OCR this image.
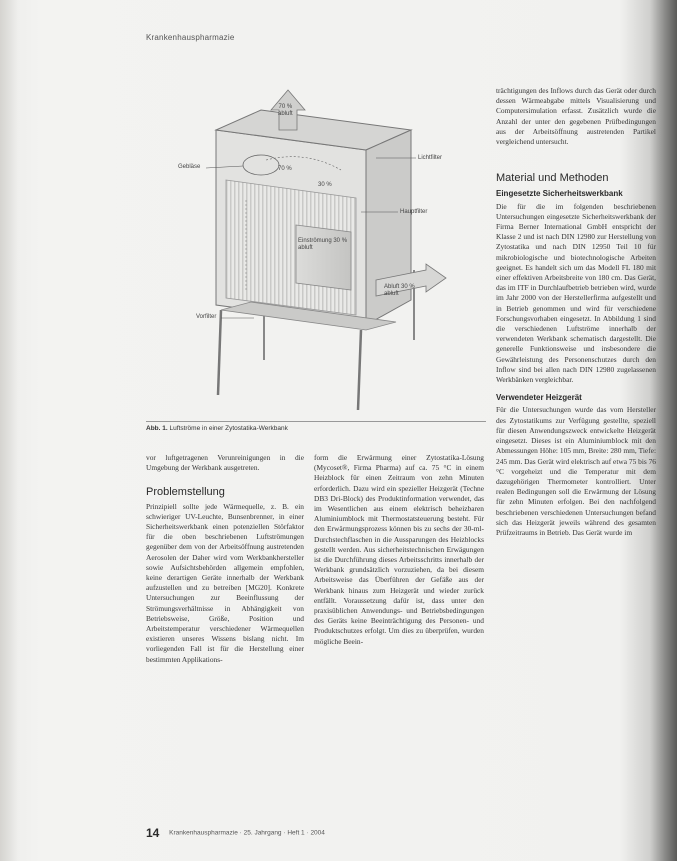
Krankenhauspharmazie
70 %
abluft
Lichtfilter
Gebläse	70 %
30 %
Hauptfilter
Einströmung 30 %
abluft
Abluft 30 %
abluft
Vorfilter
Abb. 1. Luftströme in einer Zytostatika-Werkbank

vor luftgetragenen Verunreinigungen in die Umgebung der Werkbank ausgetreten.

Problemstellung

Prinzipiell sollte jede Wärmequelle, z. B. ein schwieriger UV-Leuchte, Bunsenbrenner, in einer Sicherheitswerkbank einen potenziellen Störfaktor für die oben beschriebenen Luftströmungen gegenüber dem von der Arbeitsöffnung austretenden Aerosolen der Daher wird vom Werkbankhersteller sowie Aufsichtsbehörden allgemein empfohlen, keine derartigen Geräte innerhalb der Werkbank aufzustellen und zu betreiben [MG20]. Konkrete Untersuchungen zur Beeinflussung der Strömungsverhältnisse in Abhängigkeit von Betriebsweise, Größe, Position und Arbeitstemperatur verschiedener Wärmequellen existieren unseres Wissens bislang nicht. Im vorliegenden Fall ist für die Herstellung einer bestimmten Applikations-

form die Erwärmung einer Zytostatika-Lösung (Mycoset®, Firma Pharma) auf ca. 75 °C in einem Heizblock für einen Zeitraum von zehn Minuten erforderlich. Dazu wird ein spezieller Heizgerät (Techne DB3 Dri-Block) des Produktinformation verwendet, das im Wesentlichen aus einem elektrisch beheizbaren Aluminiumblock mit Thermostatsteuerung besteht. Für den Erwärmungsprozess können bis zu sechs der 30-ml-Durchstechflaschen in die Aussparungen des Heizblocks gestellt werden. Aus sicherheitstechnischen Erwägungen ist die Durchführung dieses Arbeitsschritts innerhalb der Werkbank grundsätzlich vorzuziehen, da bei diesem Arbeitsweise das Überführen der Gefäße aus der Werkbank hinaus zum Heizgerät und wieder zurück entfällt. Voraussetzung dafür ist, dass unter den praxisüblichen Anwendungs- und Betriebsbedingungen des Geräts keine Beeinträchtigung des Personen- und Produktschutzes erfolgt. Um dies zu überprüfen, wurden mögliche Beein-

trächtigungen des Inflows durch das Gerät oder durch dessen Wärmeabgabe mittels Visualisierung und Computersimulation erfasst. Zusätzlich wurde die Anzahl der unter den gegebenen Prüfbedingungen aus der Arbeitsöffnung austretenden Partikel vergleichend untersucht.

Material und Methoden

Eingesetzte Sicherheitswerkbank

Die für die im folgenden beschriebenen Untersuchungen eingesetzte Sicherheitswerkbank der Firma Berner International GmbH entspricht der Klasse 2 und ist nach DIN 12980 zur Herstellung von Zytostatika und nach DIN 12950 Teil 10 für mikrobiologische und biotechnologische Arbeiten geeignet. Es handelt sich um das Modell FL 180 mit einer effektiven Arbeitsbreite von 180 cm. Das Gerät, das im ITF in Durchlaufbetrieb betrieben wird, wurde im Jahr 2000 von der Herstellerfirma aufgestellt und in Betrieb genommen und wird für verschiedene Forschungsvorhaben eingesetzt. In Abbildung 1 sind die verschiedenen Luftströme innerhalb der verwendeten Werkbank schematisch dargestellt. Die generelle Funktionsweise und insbesondere die Gewährleistung des Personenschutzes durch den Inflow sind bei allen nach DIN 12980 zugelassenen Werkbänken vergleichbar.

Verwendeter Heizgerät

Für die Untersuchungen wurde das vom Hersteller des Zytostatikums zur Verfügung gestellte, speziell für diesen Anwendungszweck entwickelte Heizgerät eingesetzt. Dieses ist ein Aluminiumblock mit den Abmessungen Höhe: 105 mm, Breite: 280 mm, Tiefe: 245 mm. Das Gerät wird elektrisch auf etwa 75 bis 76 °C vorgeheizt und die Temperatur mit dem dazugehörigen Thermometer kontrolliert. Unter realen Bedingungen soll die Erwärmung der Lösung für zehn Minuten erfolgen. Bei den nachfolgend beschriebenen verschiedenen Untersuchungen befand sich das Heizgerät jeweils während des gesamten Prüfzeitraums in Betrieb. Das Gerät wurde im

14 Krankenhauspharmazie · 25. Jahrgang · Heft 1 · 2004
